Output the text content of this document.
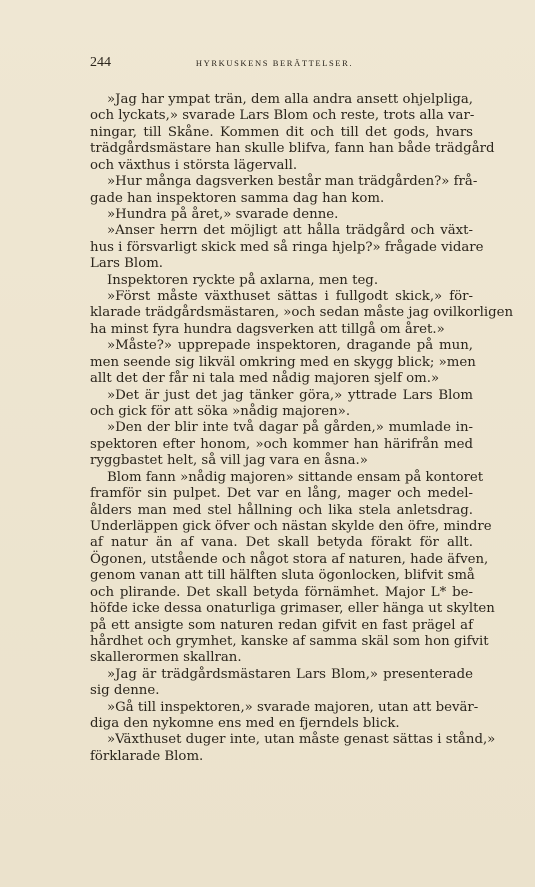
244	HYRKUSKENS BERÄTTELSER.

»Jag har ympat trän, dem alla andra ansett ohjelpliga,
och lyckats,» svarade Lars Blom och reste, trots alla var-
ningar, till Skåne. Kommen dit och till det gods, hvars
trädgårdsmästare han skulle blifva, fann han både trädgård
och växthus i största lägervall.

»Hur många dagsverken består man trädgården?» frå-
gade han inspektoren samma dag han kom.

»Hundra på året,» svarade denne.

»Anser herrn det möjligt att hålla trädgård och växt-
hus i försvarligt skick med så ringa hjelp?» frågade vidare
Lars Blom.

Inspektoren ryckte på axlarna, men teg.

»Först måste växthuset sättas i fullgodt skick,» för-
klarade trädgårdsmästaren, »och sedan måste jag ovilkorligen
ha minst fyra hundra dagsverken att tillgå om året.»

»Måste?» upprepade inspektoren, dragande på mun,
men seende sig likväl omkring med en skygg blick; »men
allt det der får ni tala med nådig majoren sjelf om.»

»Det är just det jag tänker göra,» yttrade Lars Blom
och gick för att söka »nådig majoren».

»Den der blir inte två dagar på gården,» mumlade in-
spektoren efter honom, »och kommer han härifrån med
ryggbastet helt, så vill jag vara en åsna.»

Blom fann »nådig majoren» sittande ensam på kontoret
framför sin pulpet. Det var en lång, mager och medel-
ålders man med stel hållning och lika stela anletsdrag.
Underläppen gick öfver och nästan skylde den öfre, mindre
af natur än af vana. Det skall betyda förakt för allt.
Ögonen, utstående och något stora af naturen, hade äfven,
genom vanan att till hälften sluta ögonlocken, blifvit små
och plirande. Det skall betyda förnämhet. Major L* be-
höfde icke dessa onaturliga grimaser, eller hänga ut skylten
på ett ansigte som naturen redan gifvit en fast prägel af
hårdhet och grymhet, kanske af samma skäl som hon gifvit
skallerormen skallran.

»Jag är trädgårdsmästaren Lars Blom,» presenterade
sig denne.

»Gå till inspektoren,» svarade majoren, utan att bevär-
diga den nykomne ens med en fjerndels blick.

»Växthuset duger inte, utan måste genast sättas i stånd,»
förklarade Blom.
